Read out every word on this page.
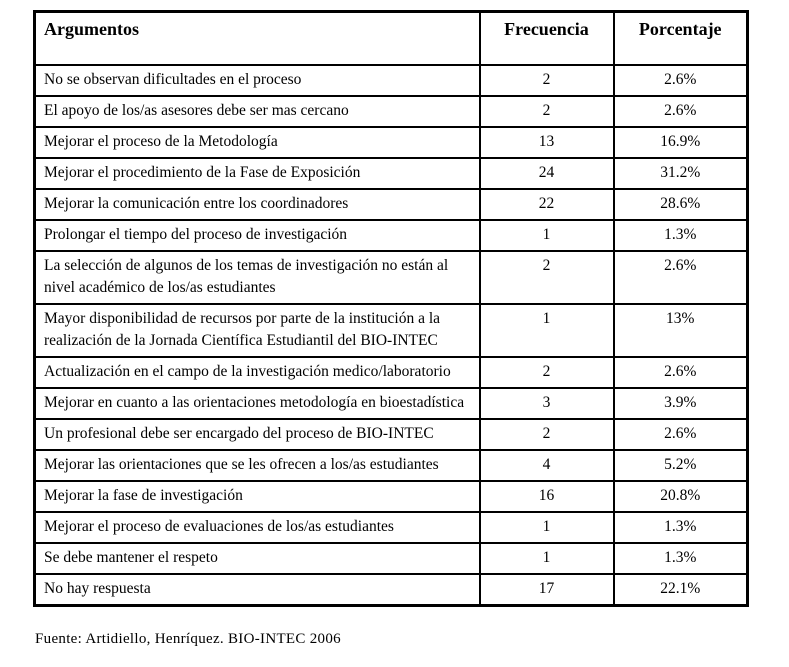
Argumentos	Frecuencia	Porcentaje
No se observan dificultades en el proceso	2	2.6%
El apoyo de los/as asesores debe ser mas cercano	2	2.6%
Mejorar el proceso de la Metodología	13	16.9%
Mejorar el procedimiento de la Fase de Exposición	24	31.2%
Mejorar la comunicación entre los coordinadores	22	28.6%
Prolongar el tiempo del proceso de investigación	1	1.3%
La selección de algunos de los temas de investigación no están al nivel académico de los/as estudiantes	2	2.6%
Mayor disponibilidad de recursos por parte de la institución a la realización de la Jornada Científica Estudiantil del BIO-INTEC	1	13%
Actualización en el campo de la investigación medico/laboratorio	2	2.6%
Mejorar en cuanto a las orientaciones metodología en bioestadística	3	3.9%
Un profesional debe ser encargado del proceso de BIO-INTEC	2	2.6%
Mejorar las orientaciones que se les ofrecen a los/as estudiantes	4	5.2%
Mejorar la fase de investigación	16	20.8%
Mejorar el proceso de evaluaciones de los/as estudiantes	1	1.3%
Se debe mantener el respeto	1	1.3%
No hay respuesta	17	22.1%
Fuente: Artidiello, Henríquez. BIO-INTEC 2006
